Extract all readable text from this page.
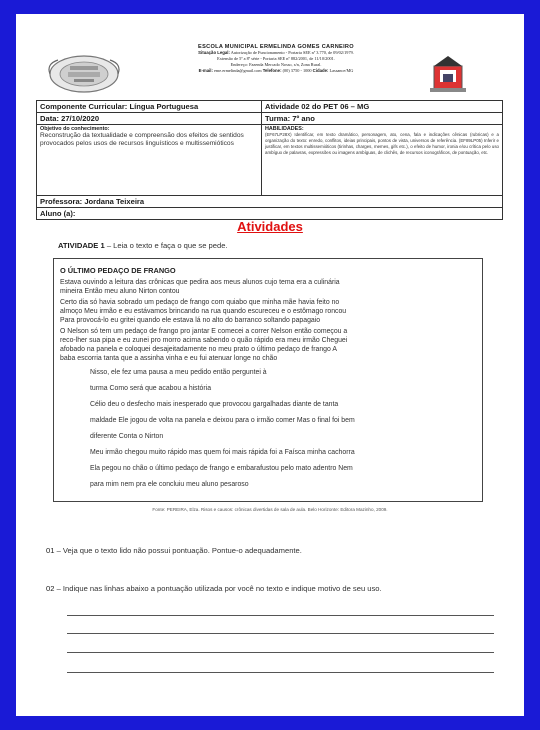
ESCOLA MUNICIPAL ERMELINDA GOMES CARNEIRO
Situação Legal: Autorização de Funcionamento - Portaria SEE nº 3.770, de 09/02/1979.
Extensão de 5º a 8º série - Portaria SEE nº 882/2001, de 11/10/2001.
Endereço: Fazenda Mercado Nosso, s/n, Zona Rural.
E-mail: eme.ermelinda@gmail.com Telefone: (00) 3750 - 1000 Cidade: Lassance/MG
Componente Curricular: Língua Portuguesa	Atividade 02 do PET 06 – MG
Data: 27/10/2020	Turma: 7º ano
Objetivo do conhecimento:
Reconstrução da textualidade e compreensão dos efeitos de sentidos provocados pelos usos de recursos linguísticos e multissemióticos
HABILIDADES:
(EF67LP28X) Identificar, em texto dramático, personagem, ato, cena, fala e indicações cênicas (rubricas) e a organização do texto: enredo, conflitos, ideias principais, pontos de vista, universos de referência. (EF89LP05) Inferir e justificar, em textos multissemióticos (tirinhas, charges, memes, gifs etc.), o efeito de humor, ironia e/ou crítica pelo uso ambíguo de palavras, expressões ou imagens ambíguas, de clichês, de recursos iconográficos, de pontuação, etc.
Professora: Jordana Teixeira
Aluno (a):
Atividades
ATIVIDADE 1 – Leia o texto e faça o que se pede.
O ÚLTIMO PEDAÇO DE FRANGO
Estava ouvindo a leitura das crônicas que pedira aos meus alunos cujo tema era a culinária
mineira Então meu aluno Nirton contou
Certo dia só havia sobrado um pedaço de frango com quiabo que minha mãe havia feito no
almoço Meu irmão e eu estávamos brincando na rua quando escureceu e o estômago roncou
Para provocá-lo eu gritei quando ele estava lá no alto do barranco soltando papagaio
O Nelson só tem um pedaço de frango pro jantar E comecei a correr Nelson então começou a
reco-lher sua pipa e eu zunei pro morro acima sabendo o quão rápido era meu irmão Cheguei
afobado na panela e coloquei desajeitadamente no meu prato o último pedaço de frango A
baba escorria tanta que a assinha vinha e eu fui atenuar longe no chão
Nisso, ele fez uma pausa a meu pedido então perguntei à
turma Como será que acabou a história
Célio deu o desfecho mais inesperado que provocou gargalhadas diante de tanta
maldade Ele jogou de volta na panela e deixou para o irmão comer Mas o final foi bem
diferente Conta o Nirton
Meu irmão chegou muito rápido mas quem foi mais rápida foi a Faísca minha cachorra
Ela pegou no chão o último pedaço de frango e embarafustou pelo mato adentro Nem
para mim nem pra ele concluiu meu aluno pesaroso
Fonte: PEREIRA, Elza. Risos e causos: crônicas divertidas de sala de aula. Belo Horizonte: Editora Mazinho, 2009.
01 – Veja que o texto lido não possui pontuação. Pontue-o adequadamente.
02 – Indique nas linhas abaixo a pontuação utilizada por você no texto e indique motivo de seu uso.
